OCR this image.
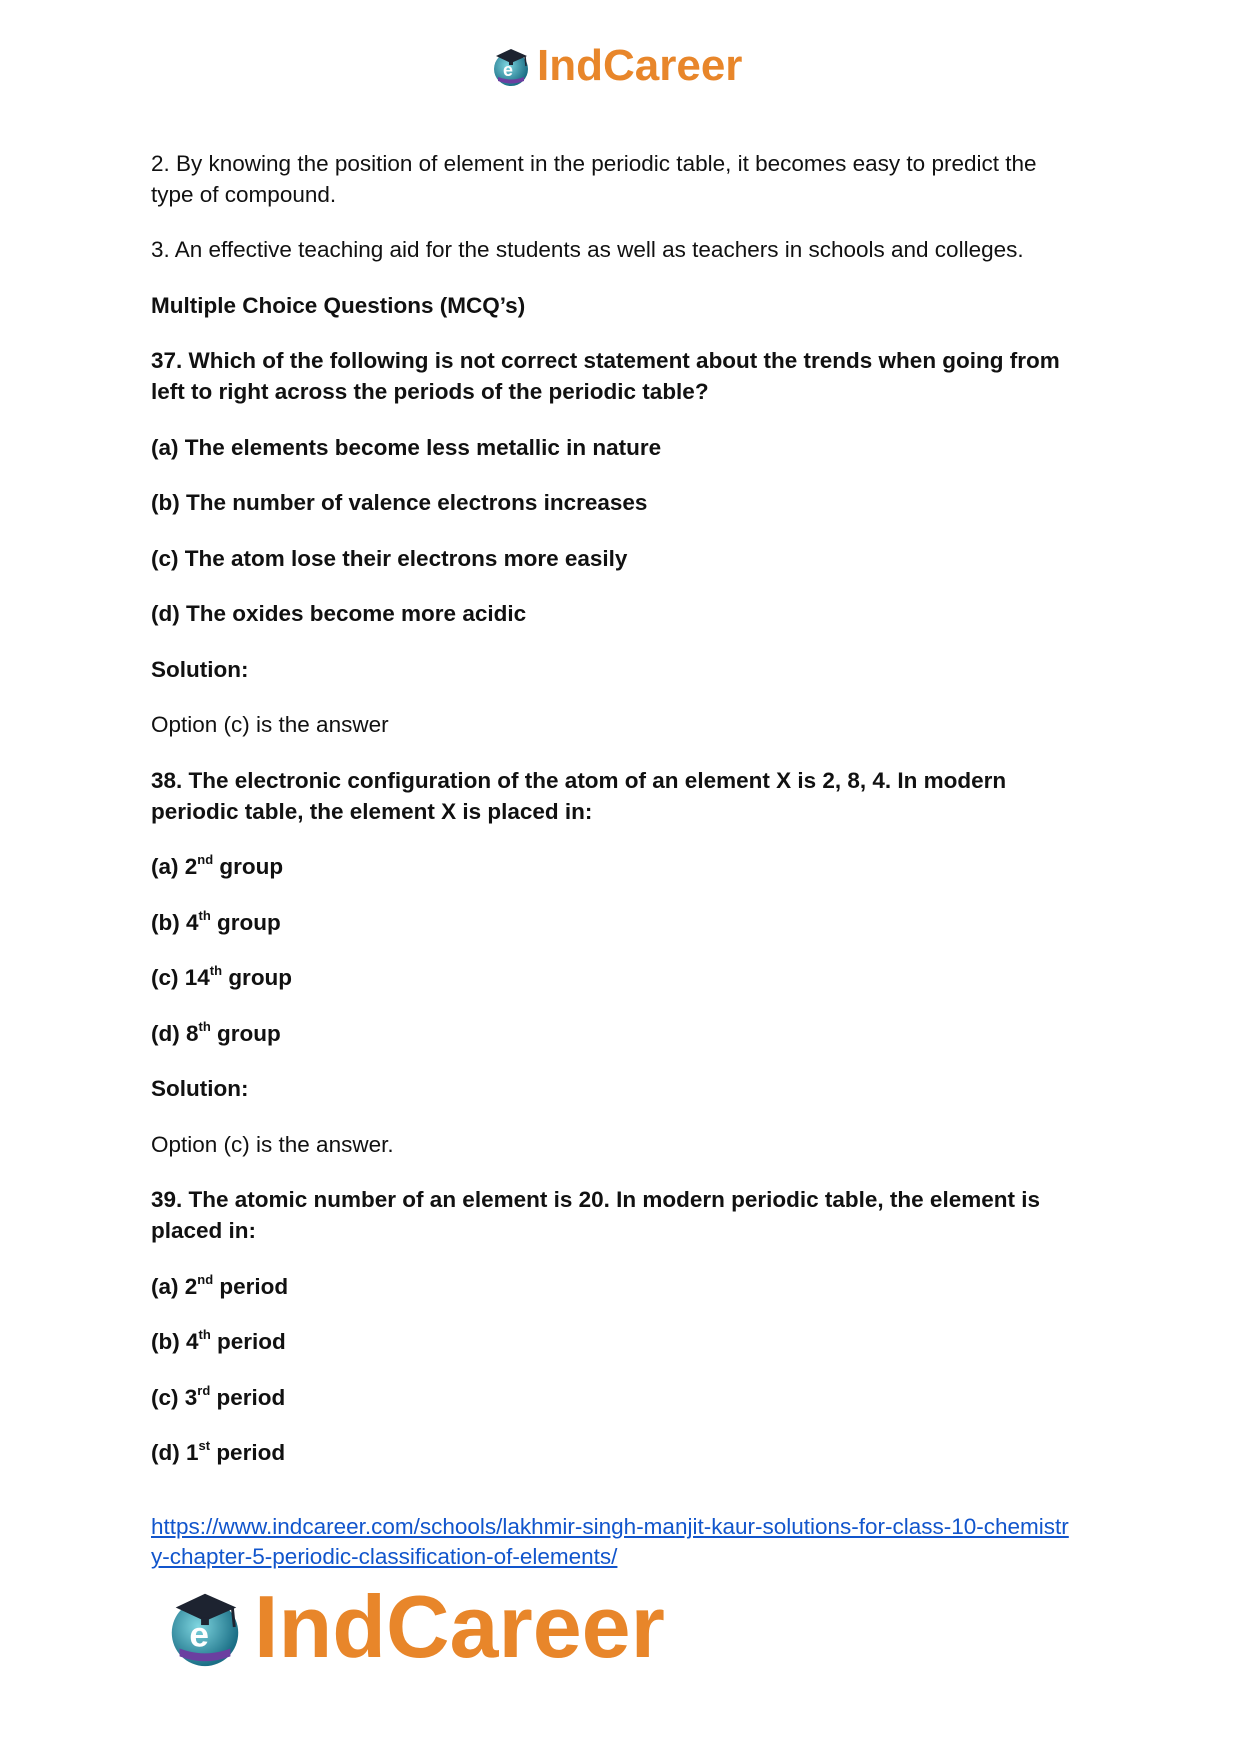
e IndCareer
2. By knowing the position of element in the periodic table, it becomes easy to predict the
type of compound.
3. An effective teaching aid for the students as well as teachers in schools and colleges.
Multiple Choice Questions (MCQ’s)
37. Which of the following is not correct statement about the trends when going from
left to right across the periods of the periodic table?
(a) The elements become less metallic in nature
(b) The number of valence electrons increases
(c) The atom lose their electrons more easily
(d) The oxides become more acidic
Solution:
Option (c) is the answer
38. The electronic configuration of the atom of an element X is 2, 8, 4. In modern
periodic table, the element X is placed in:
(a) 2nd group
(b) 4th group
(c) 14th group
(d) 8th group
Solution:
Option (c) is the answer.
39. The atomic number of an element is 20. In modern periodic table, the element is
placed in:
(a) 2nd period
(b) 4th period
(c) 3rd period
(d) 1st period
https://www.indcareer.com/schools/lakhmir-singh-manjit-kaur-solutions-for-class-10-chemistr
y-chapter-5-periodic-classification-of-elements/
e IndCareer
